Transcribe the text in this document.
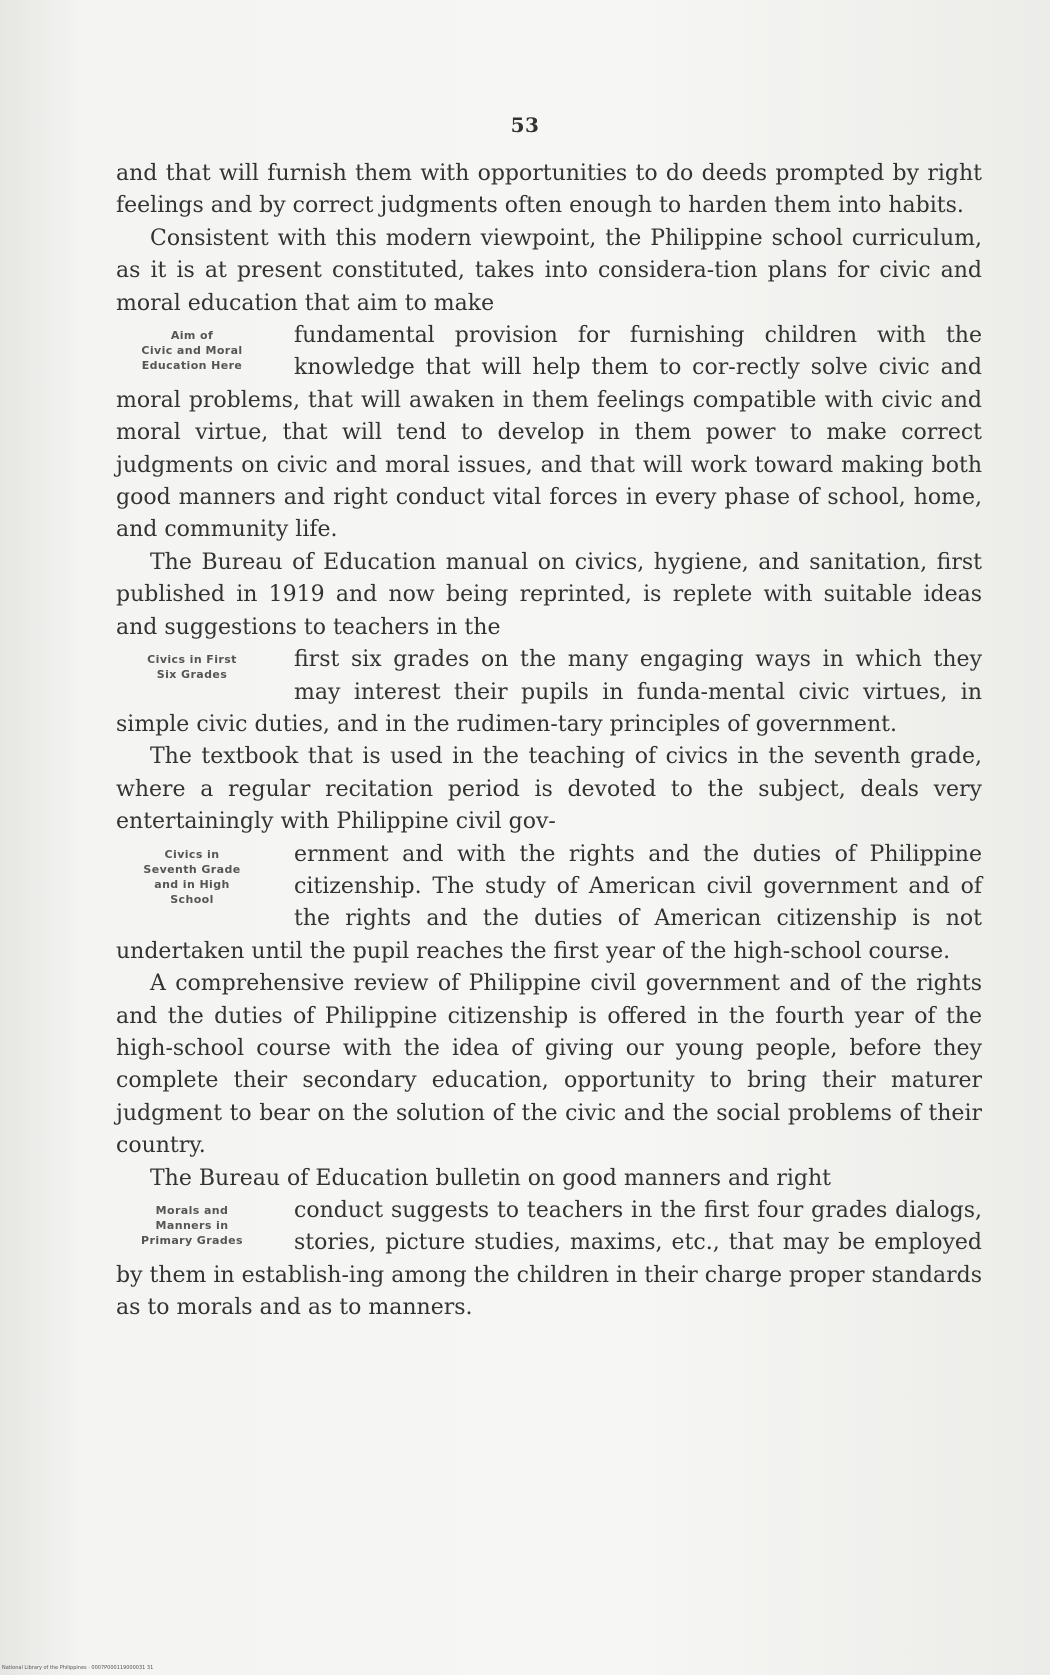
53

and that will furnish them with opportunities to do deeds prompted by right feelings and by correct judgments often enough to harden them into habits.

Consistent with this modern viewpoint, the Philippine school curriculum, as it is at present constituted, takes into considera-tion plans for civic and moral education that aim to make

Aim of
Civic and Moral
Education Here
fundamental provision for furnishing children with the knowledge that will help them to cor-rectly solve civic and moral problems, that will awaken in them feelings compatible with civic and moral virtue, that will tend to develop in them power to make correct judgments on civic and moral issues, and that will work toward making both good manners and right conduct vital forces in every phase of school, home, and community life.

The Bureau of Education manual on civics, hygiene, and sanitation, first published in 1919 and now being reprinted, is replete with suitable ideas and suggestions to teachers in the

Civics in First
Six Grades
first six grades on the many engaging ways in which they may interest their pupils in funda-mental civic virtues, in simple civic duties, and in the rudimen-tary principles of government.

The textbook that is used in the teaching of civics in the seventh grade, where a regular recitation period is devoted to the subject, deals very entertainingly with Philippine civil gov-

Civics in
Seventh Grade
and in High
School
ernment and with the rights and the duties of Philippine citizenship. The study of American civil government and of the rights and the duties of American citizenship is not undertaken until the pupil reaches the first year of the high-school course.

A comprehensive review of Philippine civil government and of the rights and the duties of Philippine citizenship is offered in the fourth year of the high-school course with the idea of giving our young people, before they complete their secondary education, opportunity to bring their maturer judgment to bear on the solution of the civic and the social problems of their country.

The Bureau of Education bulletin on good manners and right

Morals and
Manners in
Primary Grades
conduct suggests to teachers in the first four grades dialogs, stories, picture studies, maxims, etc., that may be employed by them in establish-ing among the children in their charge proper standards as to morals and as to manners.

National Library of the Philippines · 0007P000119000031 31
